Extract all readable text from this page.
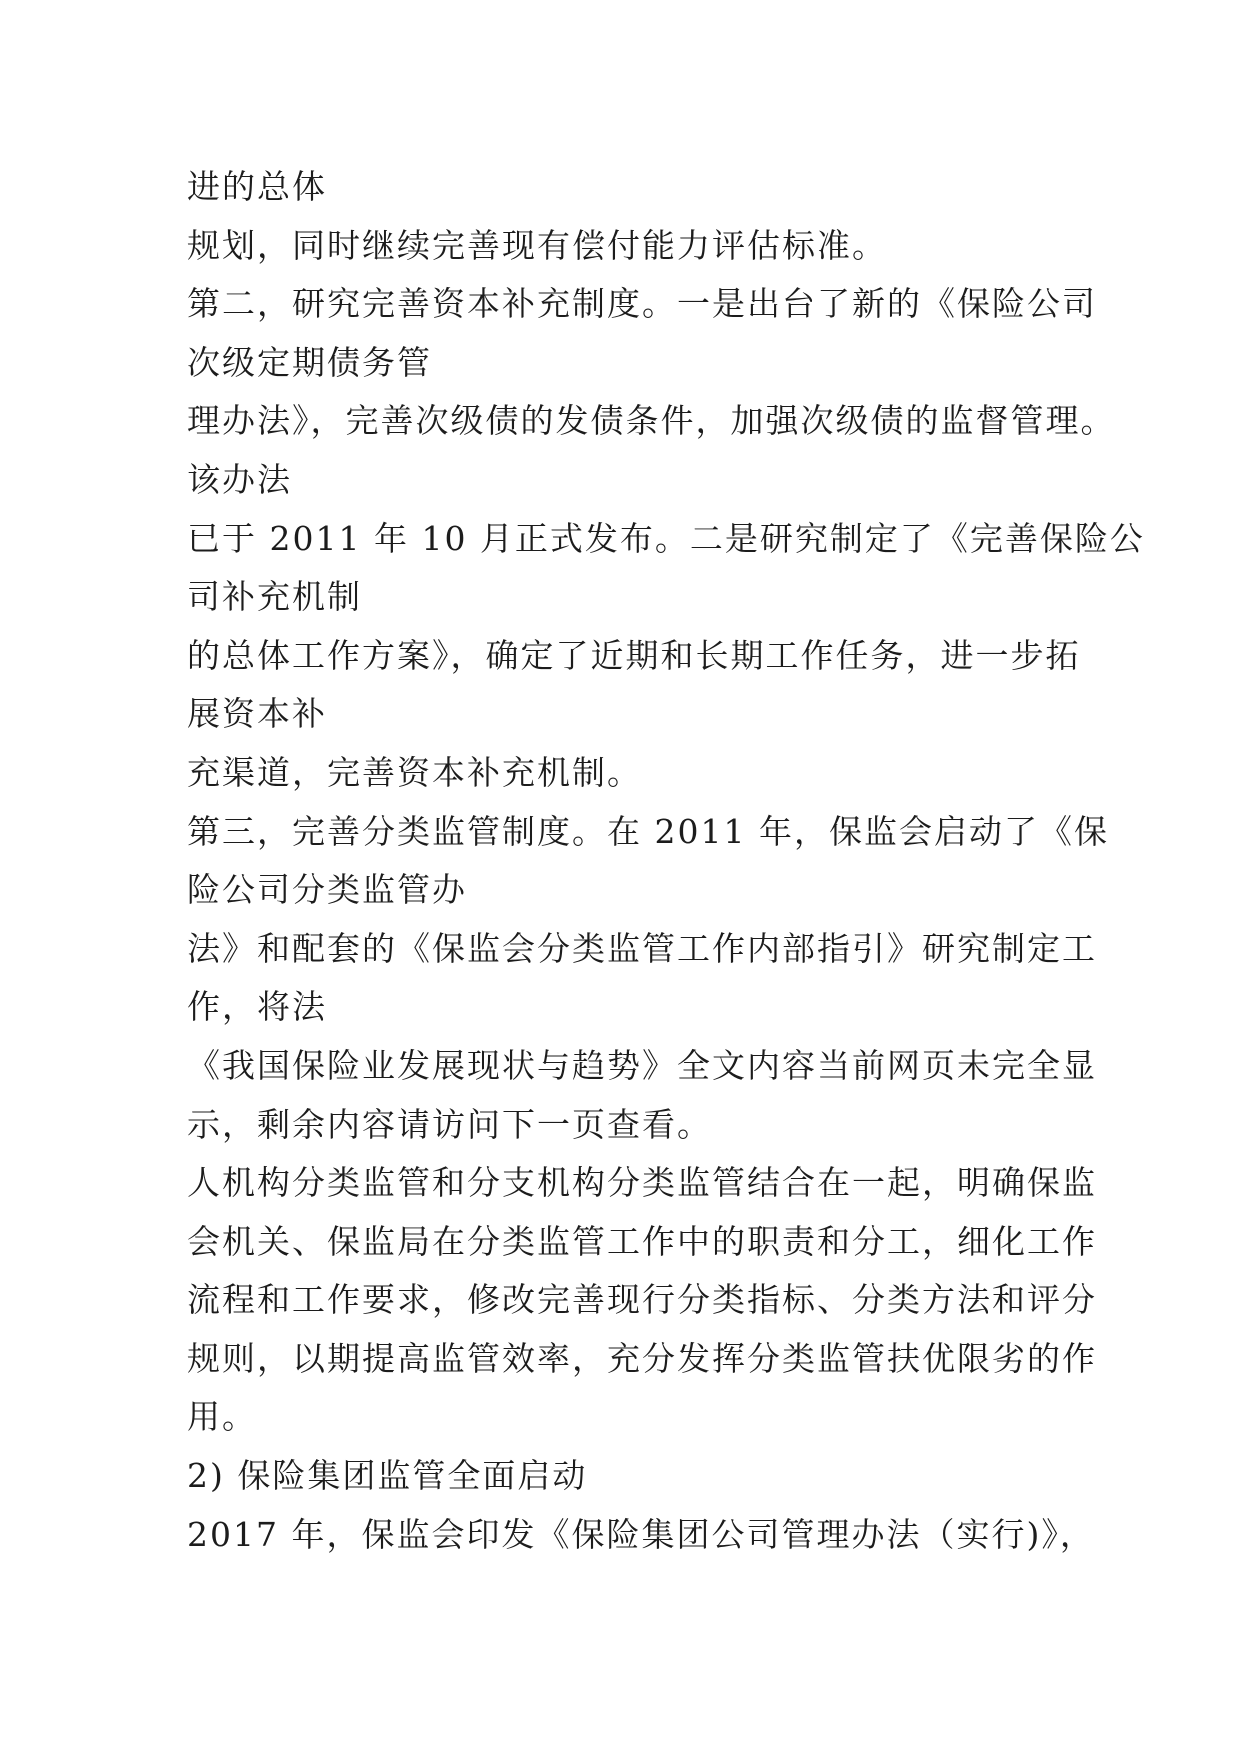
进的总体
规划，同时继续完善现有偿付能力评估标准。
第二，研究完善资本补充制度。一是出台了新的《保险公司
次级定期债务管
理办法》，完善次级债的发债条件，加强次级债的监督管理。
该办法
已于 2011 年 10 月正式发布。二是研究制定了《完善保险公
司补充机制
的总体工作方案》，确定了近期和长期工作任务，进一步拓
展资本补
充渠道，完善资本补充机制。
第三，完善分类监管制度。在 2011 年，保监会启动了《保
险公司分类监管办
法》和配套的《保监会分类监管工作内部指引》研究制定工
作，将法
《我国保险业发展现状与趋势》全文内容当前网页未完全显
示，剩余内容请访问下一页查看。
人机构分类监管和分支机构分类监管结合在一起，明确保监
会机关、保监局在分类监管工作中的职责和分工，细化工作
流程和工作要求，修改完善现行分类指标、分类方法和评分
规则，以期提高监管效率，充分发挥分类监管扶优限劣的作
用。
2) 保险集团监管全面启动
2017 年，保监会印发《保险集团公司管理办法（实行)》，
